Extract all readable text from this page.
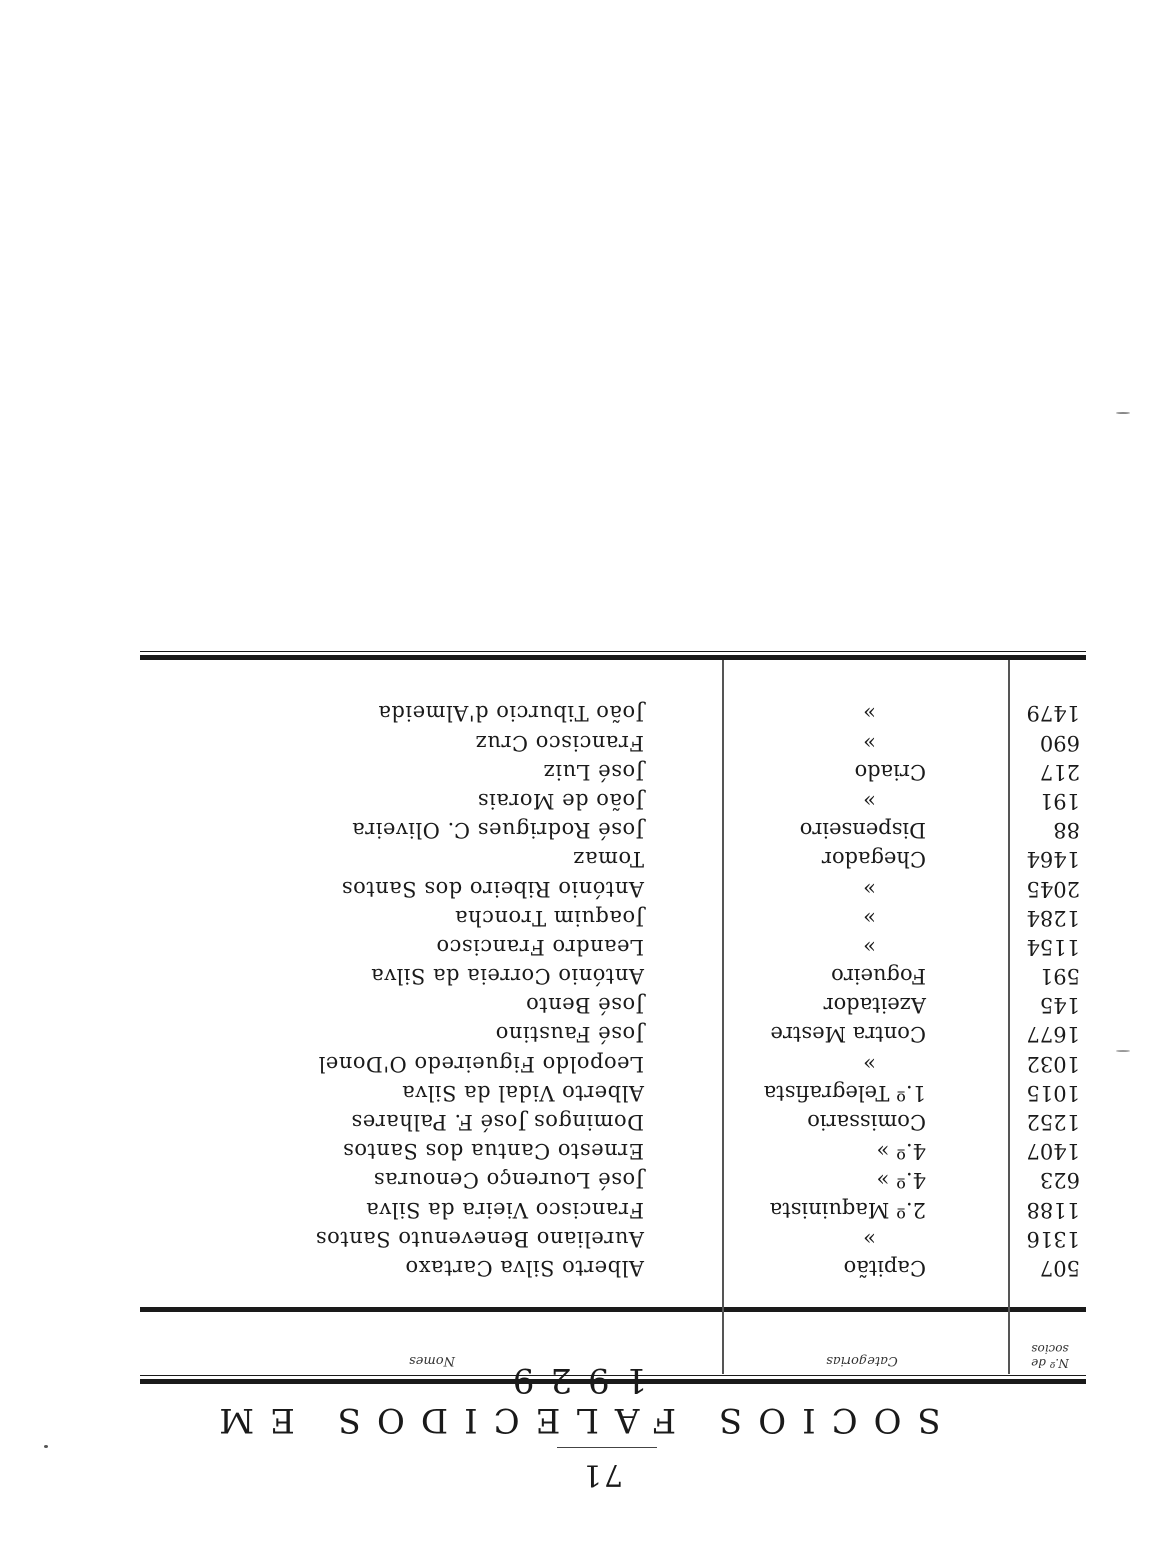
71
SOCIOS FALECIDOS EM
N.º de socios
Categorias
Nomes
507
Capitão
Alberto Silva Cartaxo
1316
»
Aureliano Benevenuto Santos
1188
2.º Maquinista
Francisco Vieira da Silva
623
4.º »
José Lourenço Cenouras
1407
4.º »
Ernesto Cantua dos Santos
1252
Comissario
Domingos José F. Palhares
1015
1.º Telegrafista
Alberto Vidal da Silva
1032
»
Leopoldo Figueiredo O'Donel
1677
Contra Mestre
José Faustino
145
Azeitador
José Bento
591
Fogueiro
António Correia da Silva
1154
»
Leandro Francisco
1284
»
Joaquim Troncha
2045
»
António Ribeiro dos Santos
1464
Chegador
Tomaz
88
Dispenseiro
José Rodrigues C. Oliveira
191
»
João de Morais
217
Criado
José Luiz
690
»
Francisco Cruz
1479
»
João Tiburcio d'Almeida
